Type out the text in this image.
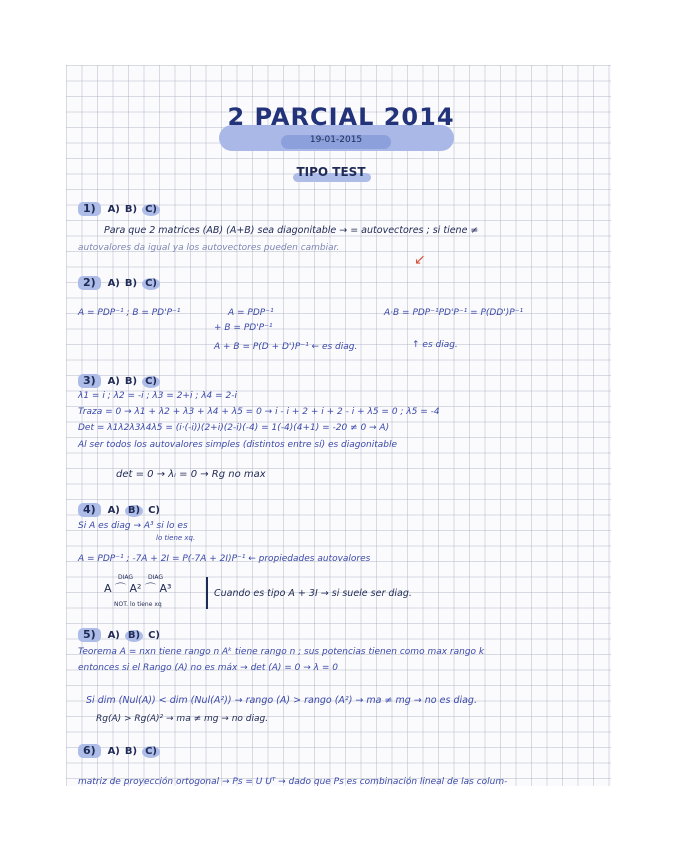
2 PARCIAL 2014
19-01-2015
TIPO TEST
1) A) B) C)
Para que 2 matrices (AB) (A+B) sea diagonitable → = autovectores ; si tiene ≠
autovalores da igual ya los autovectores pueden cambiar.
↙
2) A) B) C)
A = PDP⁻¹ ; B = PD'P⁻¹	A = PDP⁻¹
+ B = PD'P⁻¹
A + B = P(D + D')P⁻¹ ← es diag.
A·B = PDP⁻¹PD'P⁻¹ = P(DD')P⁻¹
↑ es diag.
3) A) B) C)
λ1 = i ; λ2 = -i ; λ3 = 2+i ; λ4 = 2-i
Traza = 0 → λ1 + λ2 + λ3 + λ4 + λ5 = 0 → i - i + 2 + i + 2 - i + λ5 = 0 ; λ5 = -4
Det = λ1λ2λ3λ4λ5 = (i·(-i))(2+i)(2-i)(-4) = 1(-4)(4+1) = -20 ≠ 0 → A)
Al ser todos los autovalores simples (distintos entre sí) es diagonitable
det = 0 → λᵢ = 0 → Rg no max
4) A) B) C)
Si A es diag → A³ si lo es
lo tiene xq.
A = PDP⁻¹ ; -7A + 2I = P(-7A + 2I)P⁻¹ ← propiedades autovalores
DIAG DIAG
A ⌒ A² ⌒ A³
NOT. lo tiene xq
Cuando es tipo A + 3I → si suele ser diag.
5) A) B) C)
Teorema A = nxn tiene rango n Aᵏ tiene rango n ; sus potencias tienen como max rango k
entonces si el Rango (A) no es máx → det (A) = 0 → λ = 0
Si dim (Nul(A)) < dim (Nul(A²)) → rango (A) > rango (A²) → ma ≠ mg → no es diag.
Rg(A) > Rg(A)² → ma ≠ mg → no diag.
6) A) B) C)
matriz de proyección ortogonal → Ps = U Uᵀ → dado que Ps es combinación lineal de las colum-
